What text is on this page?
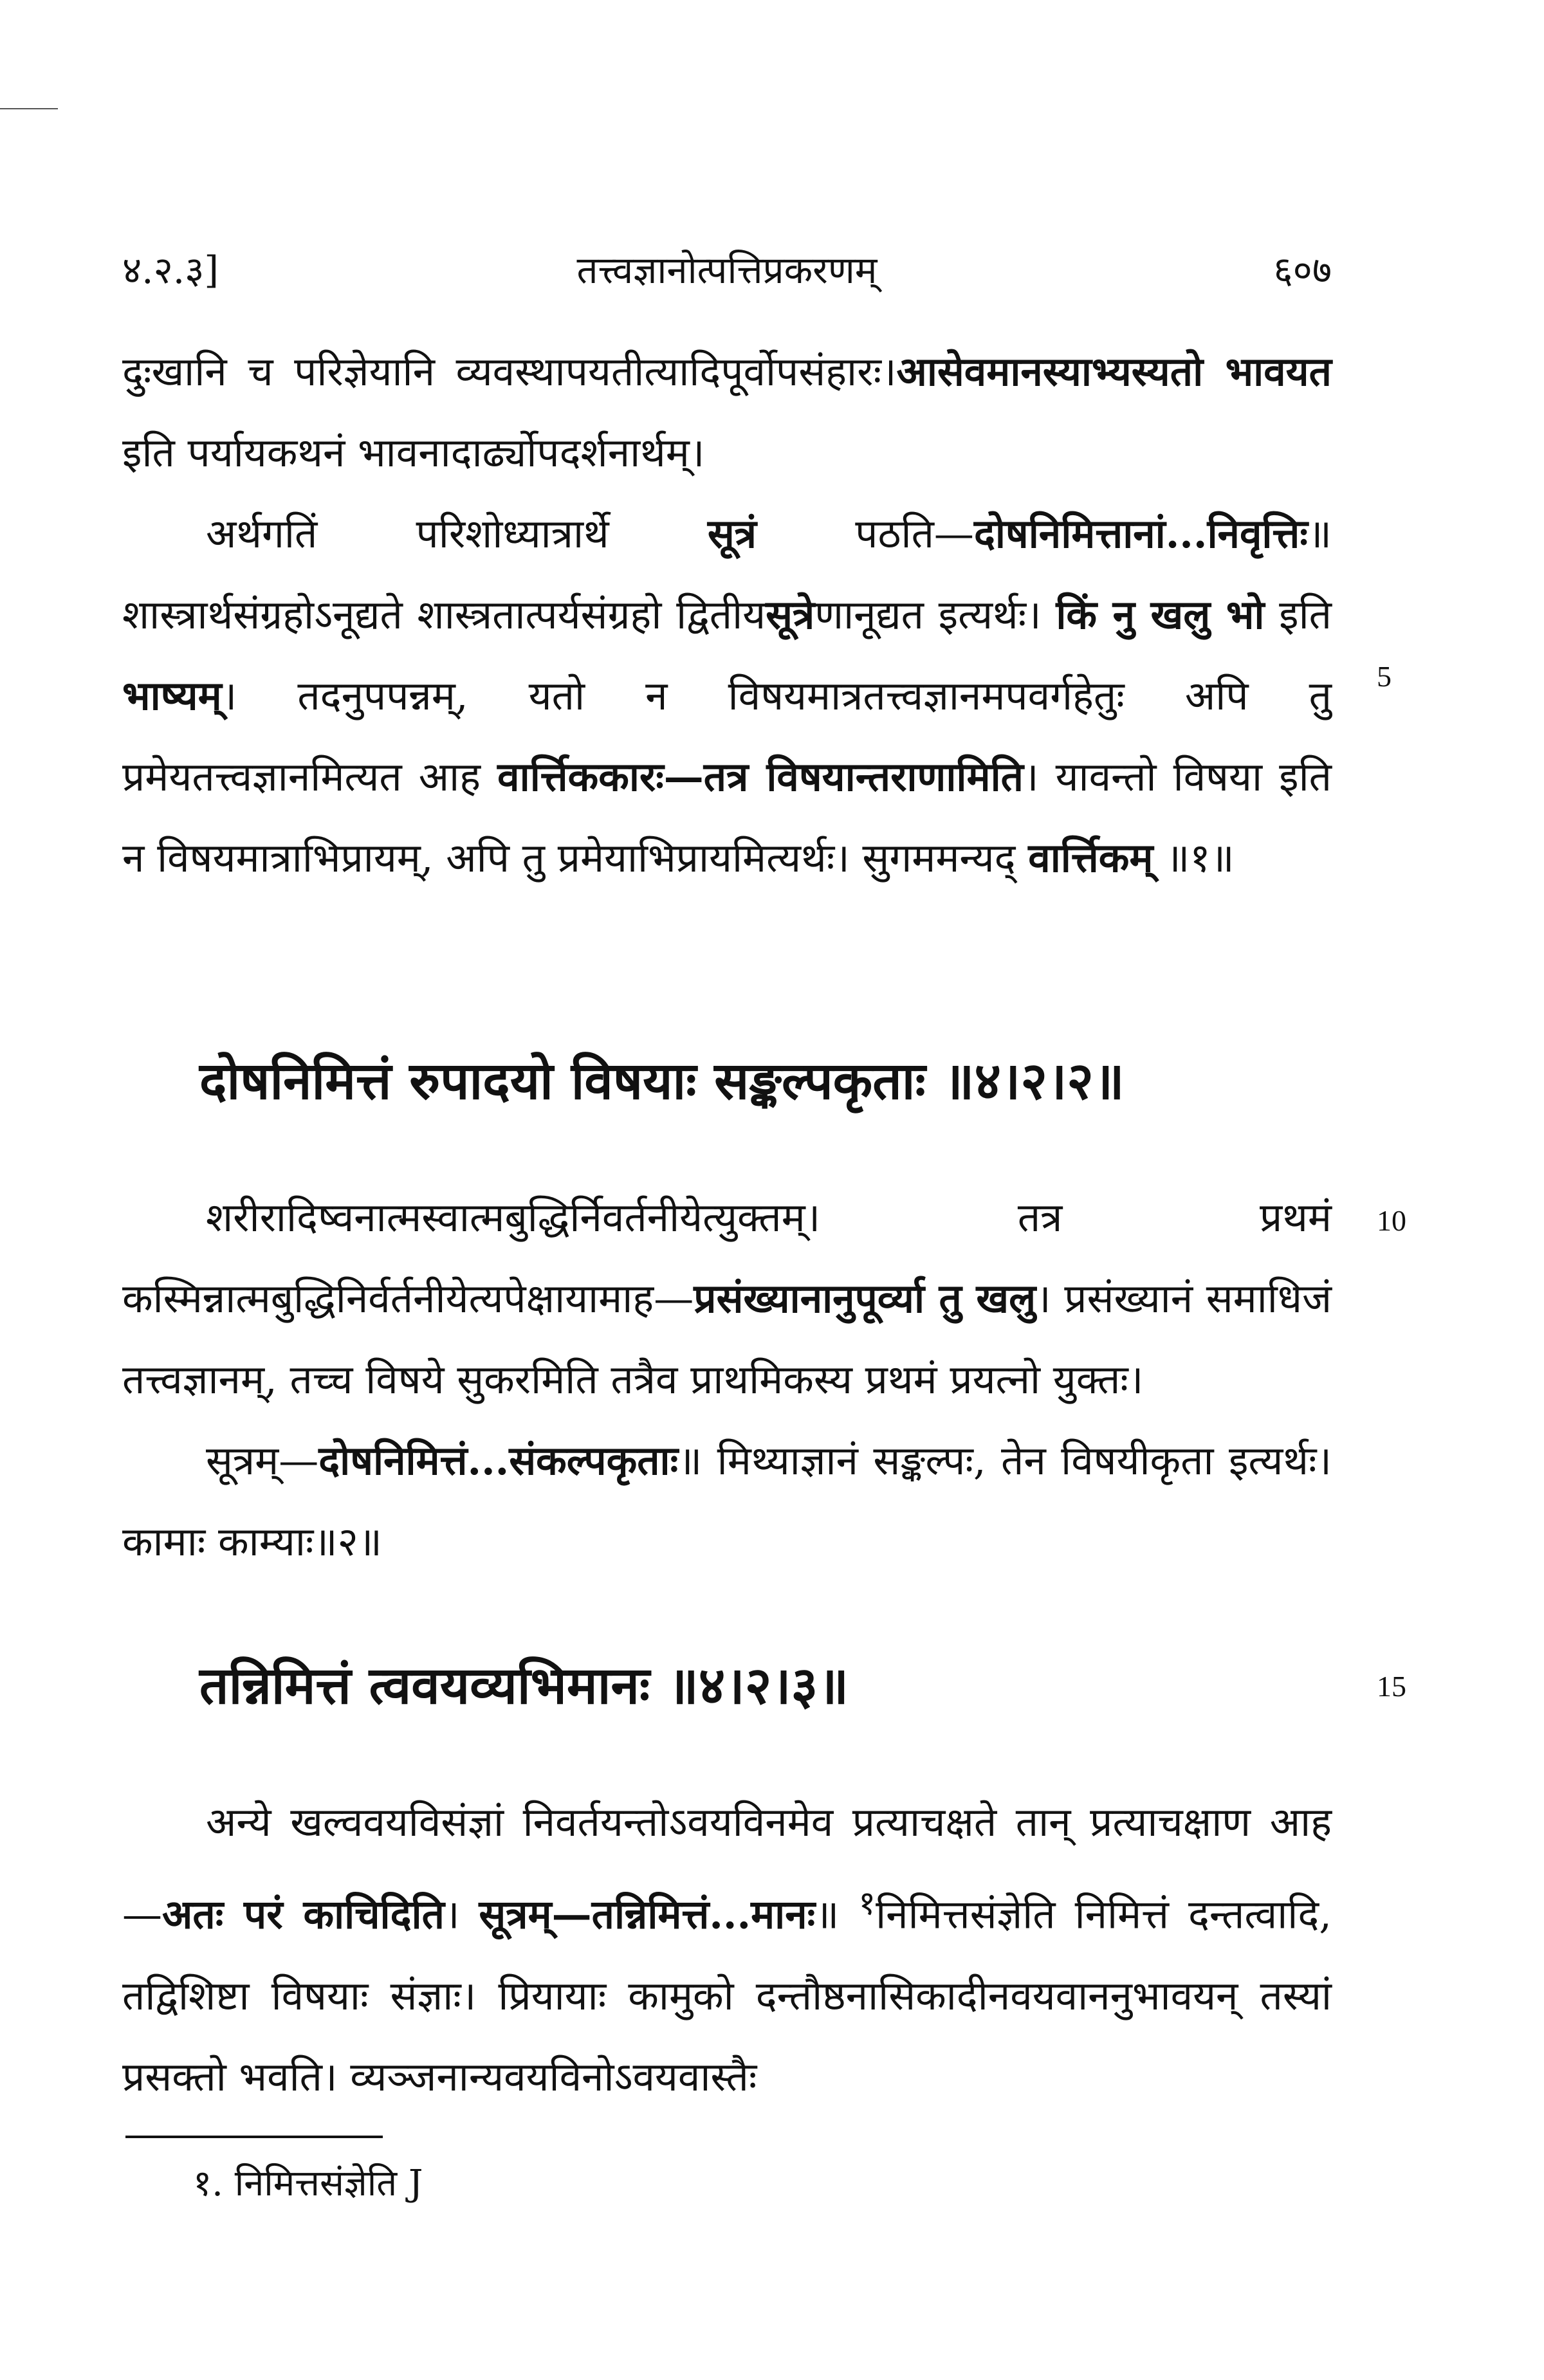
४.२.३]	तत्त्वज्ञानोत्पत्तिप्रकरणम्	६०७

दुःखानि च परिज्ञेयानि व्यवस्थापयतीत्यादिपूर्वोपसंहारः।आसेवमानस्याभ्यस्यतो भावयत इति पर्यायकथनं भावनादार्ढ्योपदर्शनार्थम्।

अर्थगतिं परिशोध्यात्रार्थे सूत्रं पठति—दोषनिमित्तानां...निवृत्तिः॥ शास्त्रार्थसंग्रहोऽनूद्यते शास्त्रतात्पर्यसंग्रहो द्वितीयसूत्रेणानूद्यत इत्यर्थः। किं नु खलु भो इति भाष्यम्। तदनुपपन्नम्, यतो न विषयमात्रतत्त्वज्ञानमपवर्गहेतुः अपि तु प्रमेयतत्त्वज्ञानमित्यत आह वार्त्तिककारः—तत्र विषयान्तराणामिति। यावन्तो विषया इति न विषयमात्राभिप्रायम्, अपि तु प्रमेयाभिप्रायमित्यर्थः। सुगममन्यद् वार्त्तिकम् ॥१॥

दोषनिमित्तं रुपादयो विषयाः सङ्कल्पकृताः ॥४।२।२॥

शरीरादिष्वनात्मस्वात्मबुद्धिर्निवर्तनीयेत्युक्तम्। तत्र प्रथमं कस्मिन्नात्मबुद्धिनिर्वर्तनीयेत्यपेक्षायामाह—प्रसंख्यानानुपूर्व्या तु खलु। प्रसंख्यानं समाधिजं तत्त्वज्ञानम्, तच्च विषये सुकरमिति तत्रैव प्राथमिकस्य प्रथमं प्रयत्नो युक्तः।

सूत्रम्—दोषनिमित्तं...संकल्पकृताः॥ मिथ्याज्ञानं सङ्कल्पः, तेन विषयीकृता इत्यर्थः। कामाः काम्याः॥२॥

तन्निमित्तं त्ववयव्यभिमानः ॥४।२।३॥

अन्ये खल्ववयविसंज्ञां निवर्तयन्तोऽवयविनमेव प्रत्याचक्षते तान् प्रत्याचक्षाण आह—अतः परं काचिदिति। सूत्रम्—तन्निमित्तं...मानः॥ $^१$निमित्तसंज्ञेति निमित्तं दन्तत्वादि, तद्विशिष्टा विषयाः संज्ञाः। प्रियायाः कामुको दन्तौष्ठनासिकादीनवयवाननुभावयन् तस्यां प्रसक्तो भवति। व्यञ्जनान्यवयविनोऽवयवास्तैः

5
10
15
१. निमित्तसंज्ञेति J
